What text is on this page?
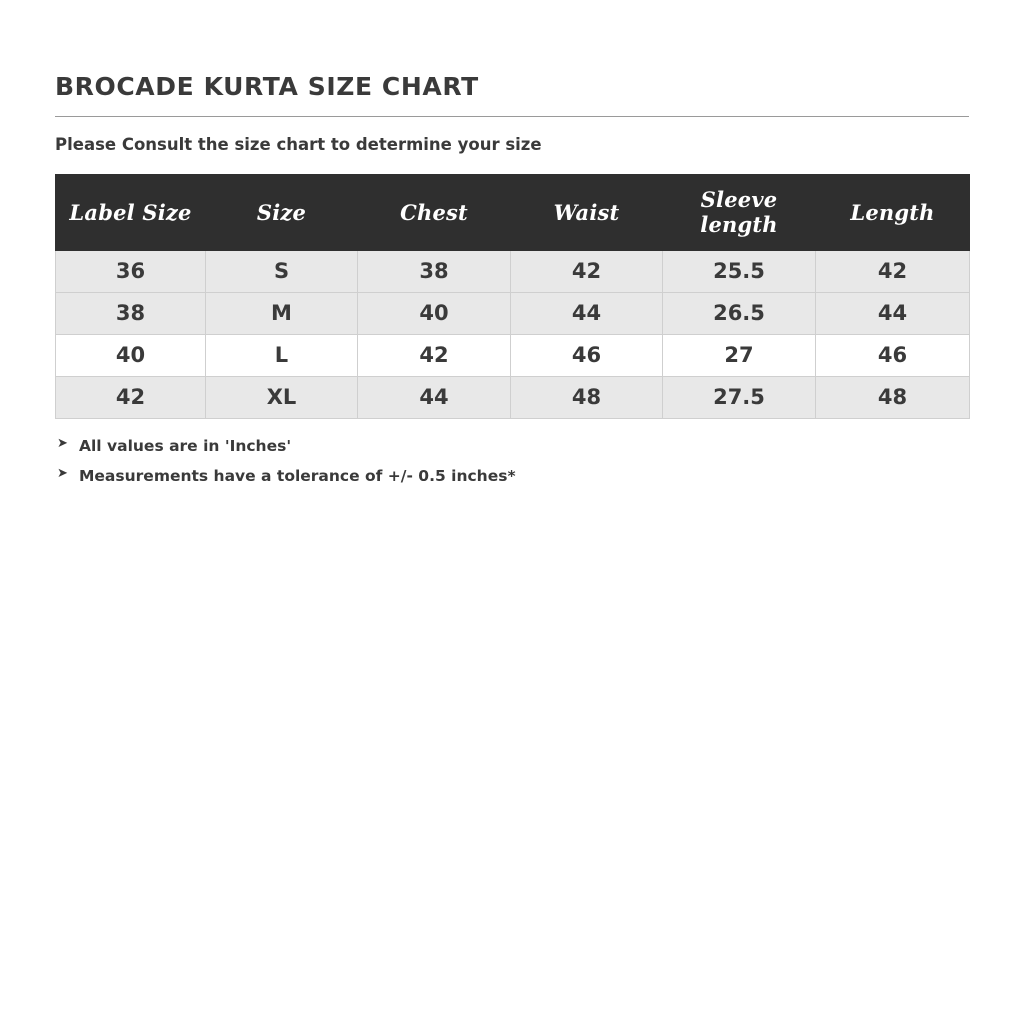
BROCADE KURTA SIZE CHART

Please Consult the size chart to determine your size

Label Size	Size	Chest	Waist	Sleeve length	Length
36	S	38	42	25.5	42
38	M	40	44	26.5	44
40	L	42	46	27	46
42	XL	44	48	27.5	48
➤ All values are in 'Inches'
➤ Measurements have a tolerance of +/- 0.5 inches*
